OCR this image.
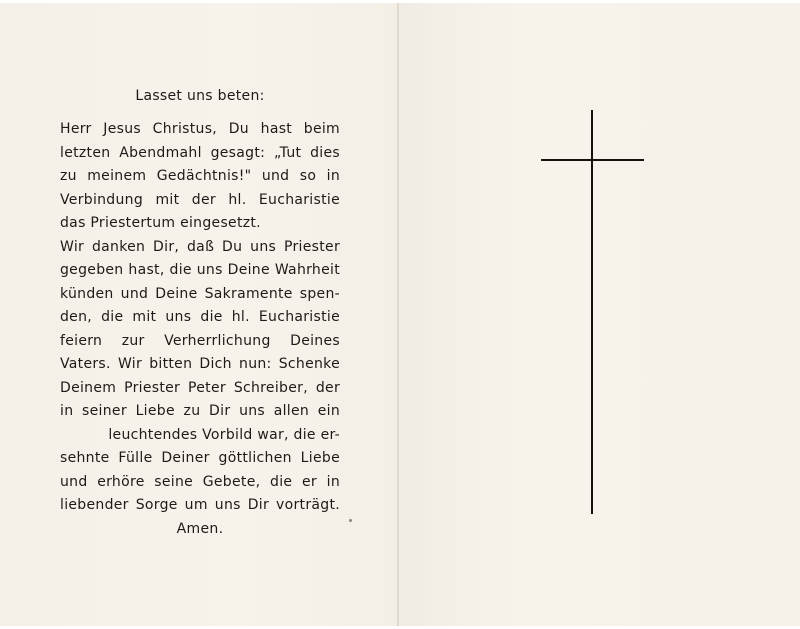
Lasset uns beten:
Herr Jesus Christus, Du hast beim
letzten Abendmahl gesagt: „Tut dies
zu meinem Gedächtnis!" und so in
Verbindung mit der hl. Eucharistie
das Priestertum eingesetzt.
Wir danken Dir, daß Du uns Priester
gegeben hast, die uns Deine Wahrheit
künden und Deine Sakramente spen-
den, die mit uns die hl. Eucharistie
feiern zur Verherrlichung Deines
Vaters. Wir bitten Dich nun: Schenke
Deinem Priester Peter Schreiber, der
in seiner Liebe zu Dir uns allen ein
leuchtendes Vorbild war, die er-
sehnte Fülle Deiner göttlichen Liebe
und erhöre seine Gebete, die er in
liebender Sorge um uns Dir vorträgt.
Amen.
